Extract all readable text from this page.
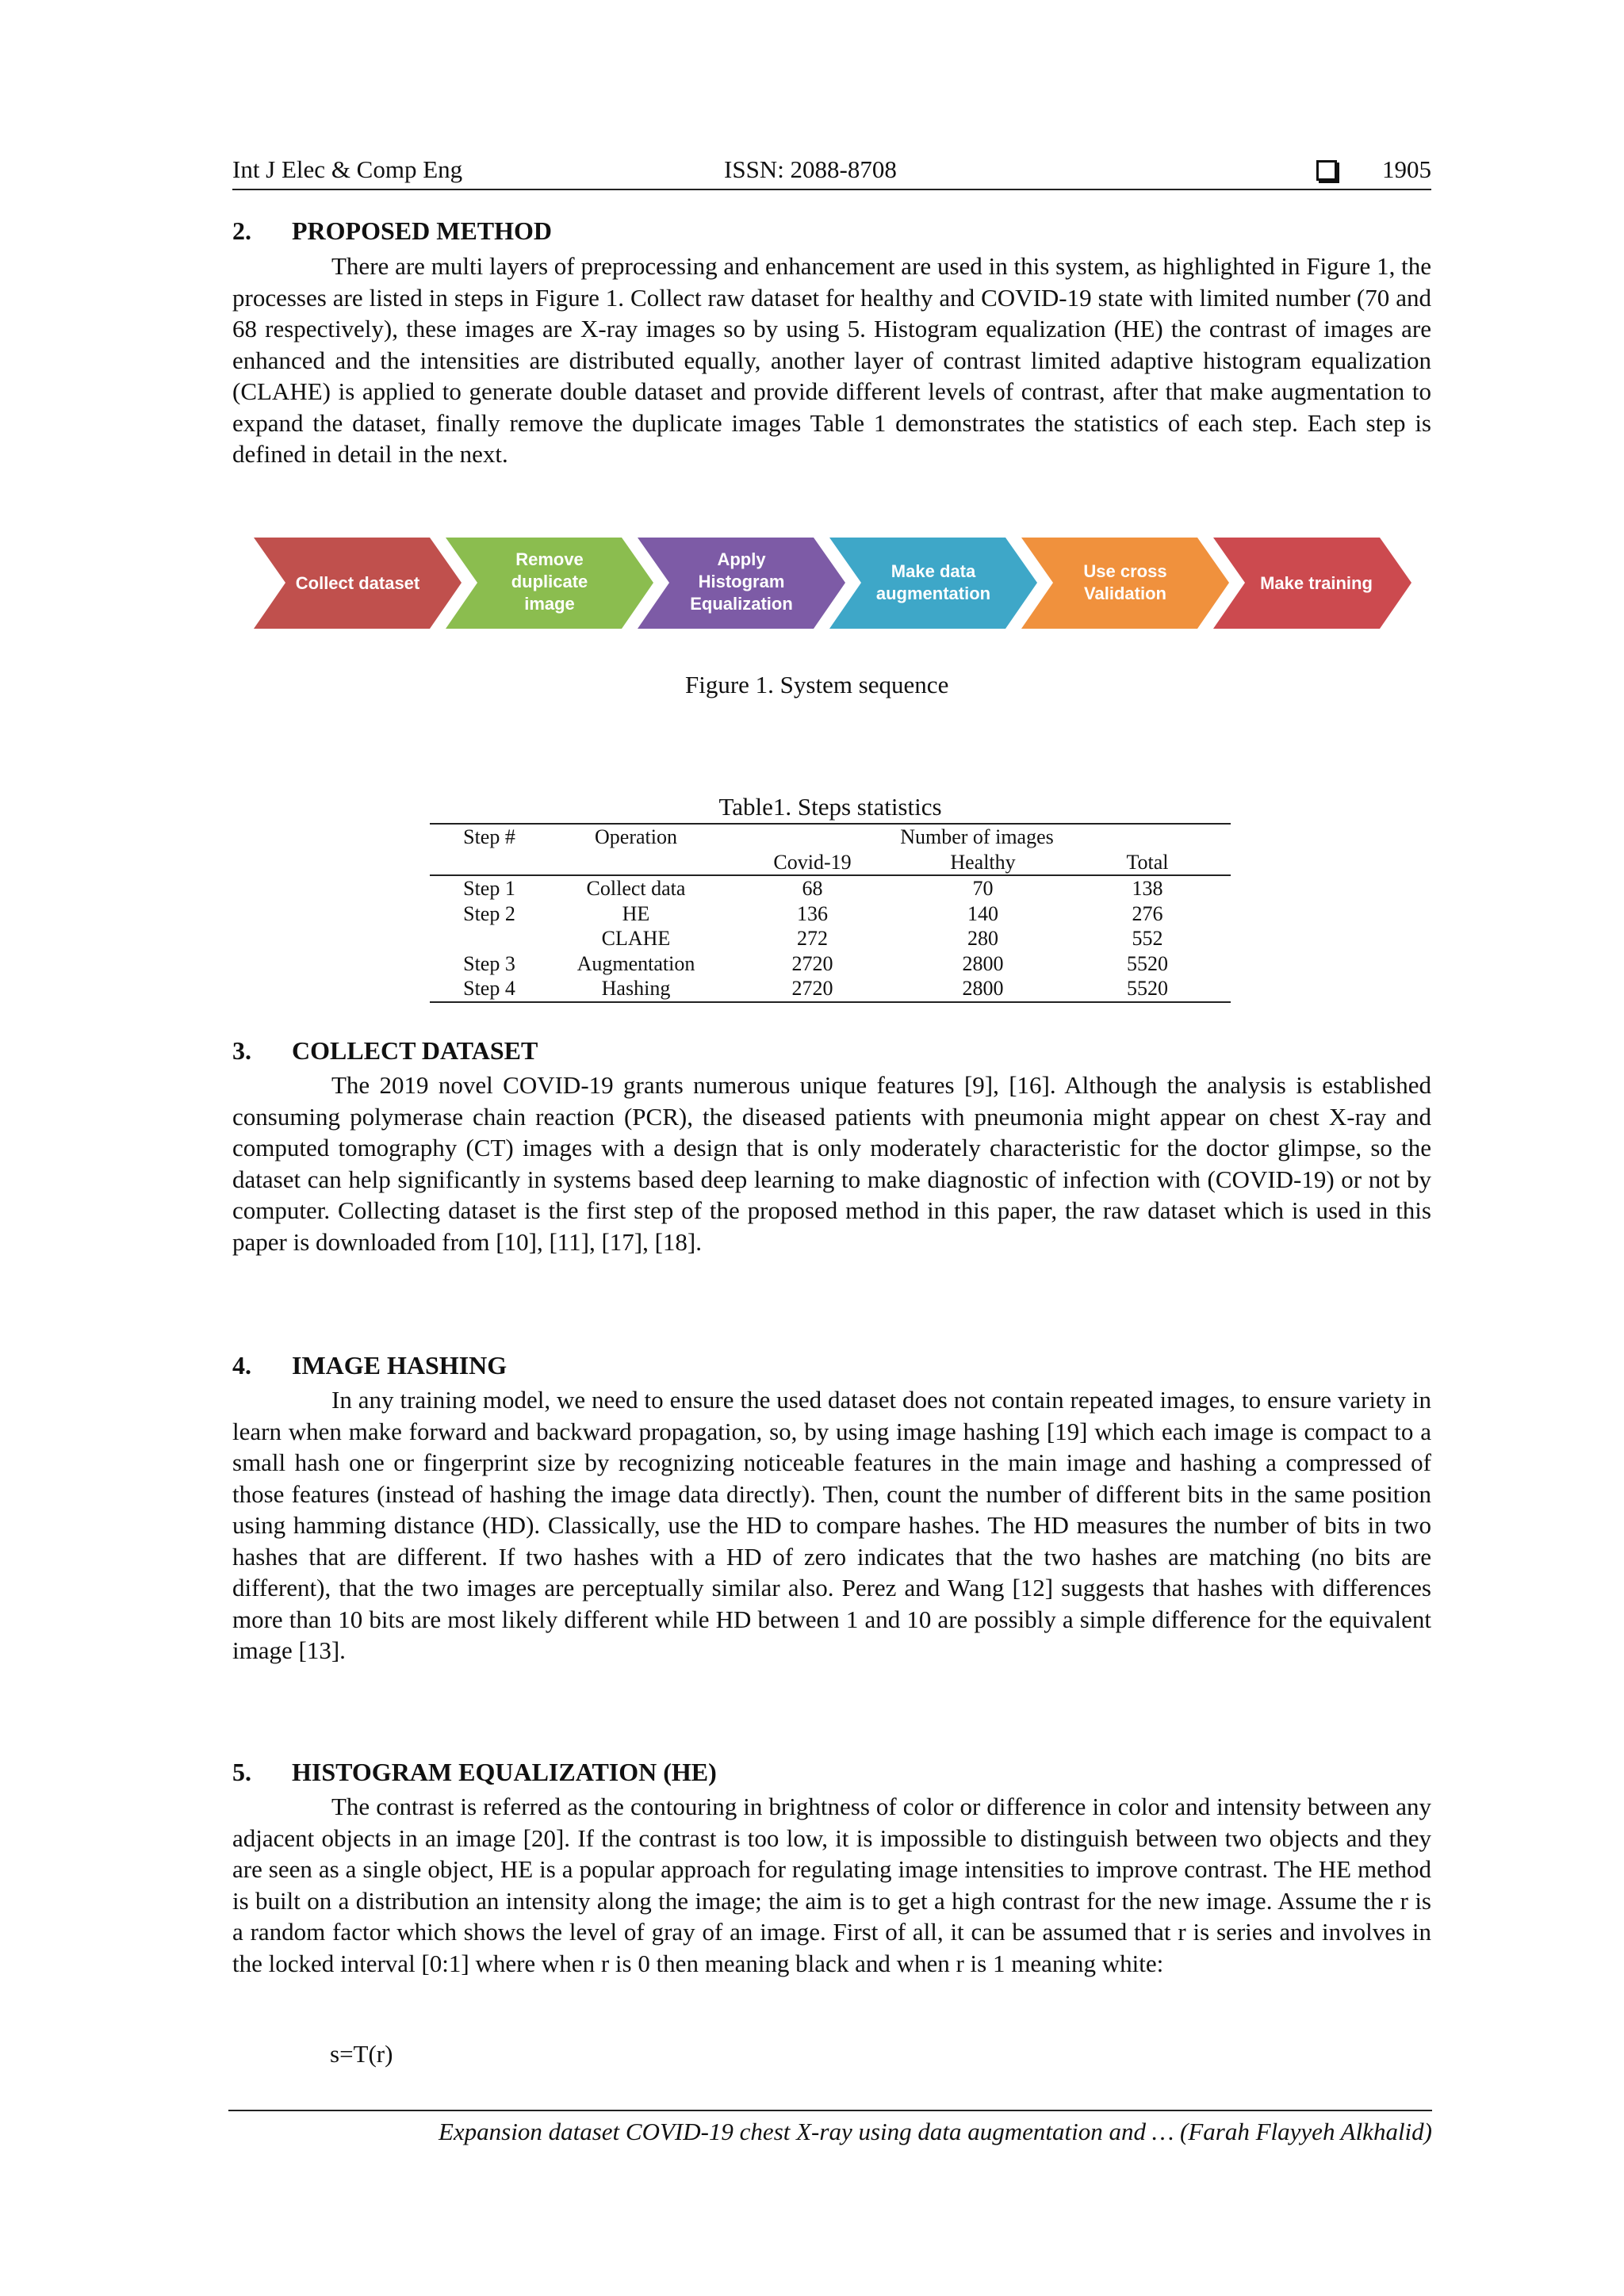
Int J Elec & Comp Eng	ISSN: 2088-8708	1905
2. PROPOSED METHOD

There are multi layers of preprocessing and enhancement are used in this system, as highlighted in Figure 1, the processes are listed in steps in Figure 1. Collect raw dataset for healthy and COVID-19 state with limited number (70 and 68 respectively), these images are X-ray images so by using 5. Histogram equalization (HE) the contrast of images are enhanced and the intensities are distributed equally, another layer of contrast limited adaptive histogram equalization (CLAHE) is applied to generate double dataset and provide different levels of contrast, after that make augmentation to expand the dataset, finally remove the duplicate images Table 1 demonstrates the statistics of each step. Each step is defined in detail in the next.

Collect dataset
Remove duplicate image
Apply Histogram Equalization
Make data augmentation
Use cross Validation
Make training
Figure 1. System sequence
Table1. Steps statistics
Step #	Operation	Number of images		
		Covid-19	Healthy	Total
Step 1	Collect data	68	70	138
Step 2	HE	136	140	276
	CLAHE	272	280	552
Step 3	Augmentation	2720	2800	5520
Step 4	Hashing	2720	2800	5520
3. COLLECT DATASET

The 2019 novel COVID-19 grants numerous unique features [9], [16]. Although the analysis is established consuming polymerase chain reaction (PCR), the diseased patients with pneumonia might appear on chest X-ray and computed tomography (CT) images with a design that is only moderately characteristic for the doctor glimpse, so the dataset can help significantly in systems based deep learning to make diagnostic of infection with (COVID-19) or not by computer. Collecting dataset is the first step of the proposed method in this paper, the raw dataset which is used in this paper is downloaded from [10], [11], [17], [18].

4. IMAGE HASHING

In any training model, we need to ensure the used dataset does not contain repeated images, to ensure variety in learn when make forward and backward propagation, so, by using image hashing [19] which each image is compact to a small hash one or fingerprint size by recognizing noticeable features in the main image and hashing a compressed of those features (instead of hashing the image data directly). Then, count the number of different bits in the same position using hamming distance (HD). Classically, use the HD to compare hashes. The HD measures the number of bits in two hashes that are different. If two hashes with a HD of zero indicates that the two hashes are matching (no bits are different), that the two images are perceptually similar also. Perez and Wang [12] suggests that hashes with differences more than 10 bits are most likely different while HD between 1 and 10 are possibly a simple difference for the equivalent image [13].

5. HISTOGRAM EQUALIZATION (HE)

The contrast is referred as the contouring in brightness of color or difference in color and intensity between any adjacent objects in an image [20]. If the contrast is too low, it is impossible to distinguish between two objects and they are seen as a single object, HE is a popular approach for regulating image intensities to improve contrast. The HE method is built on a distribution an intensity along the image; the aim is to get a high contrast for the new image. Assume the r is a random factor which shows the level of gray of an image. First of all, it can be assumed that r is series and involves in the locked interval [0:1] where when r is 0 then meaning black and when r is 1 meaning white:

s=T(r)
Expansion dataset COVID-19 chest X-ray using data augmentation and … (Farah Flayyeh Alkhalid)
